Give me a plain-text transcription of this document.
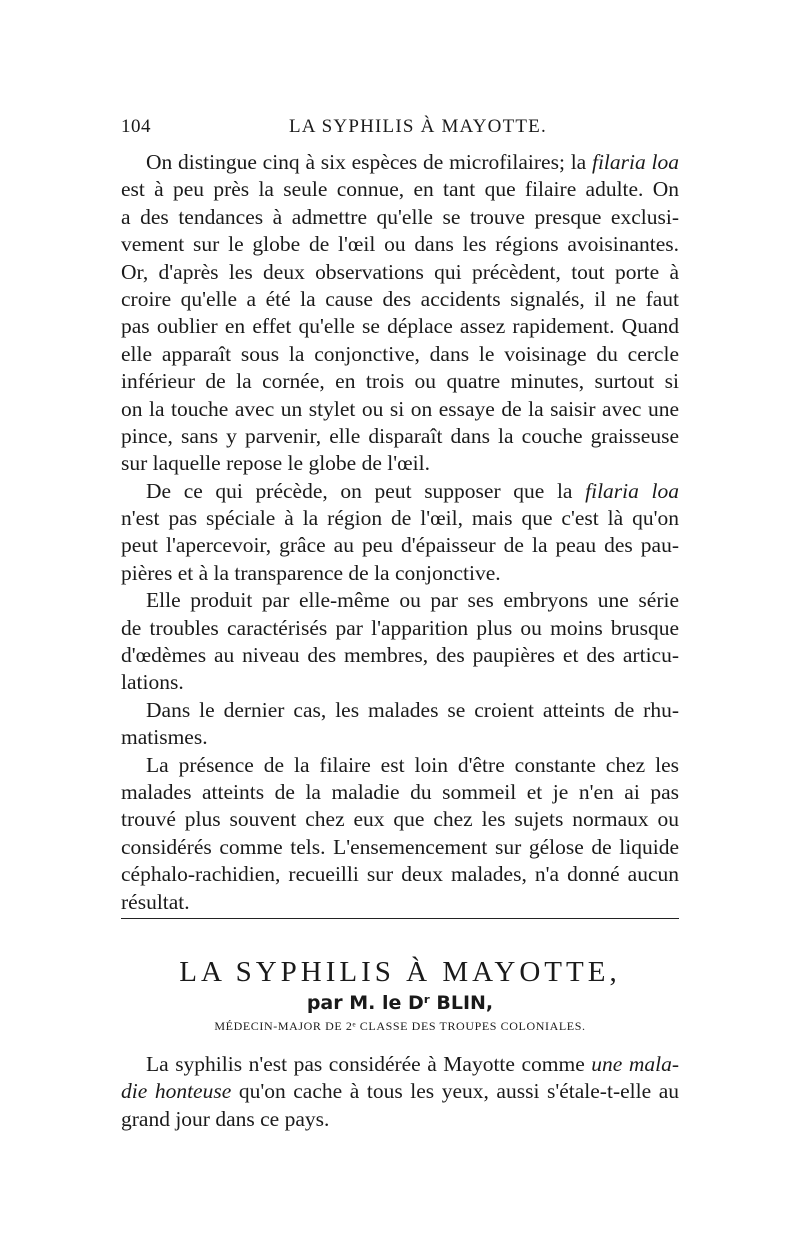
104	LA SYPHILIS À MAYOTTE.
On distingue cinq à six espèces de microfilaires; la filaria loa
est à peu près la seule connue, en tant que filaire adulte. On
a des tendances à admettre qu'elle se trouve presque exclusi-
vement sur le globe de l'œil ou dans les régions avoisinantes.
Or, d'après les deux observations qui précèdent, tout porte à
croire qu'elle a été la cause des accidents signalés, il ne faut
pas oublier en effet qu'elle se déplace assez rapidement. Quand
elle apparaît sous la conjonctive, dans le voisinage du cercle
inférieur de la cornée, en trois ou quatre minutes, surtout si
on la touche avec un stylet ou si on essaye de la saisir avec une
pince, sans y parvenir, elle disparaît dans la couche graisseuse
sur laquelle repose le globe de l'œil.
De ce qui précède, on peut supposer que la filaria loa
n'est pas spéciale à la région de l'œil, mais que c'est là qu'on
peut l'apercevoir, grâce au peu d'épaisseur de la peau des pau-
pières et à la transparence de la conjonctive.
Elle produit par elle-même ou par ses embryons une série
de troubles caractérisés par l'apparition plus ou moins brusque
d'œdèmes au niveau des membres, des paupières et des articu-
lations.
Dans le dernier cas, les malades se croient atteints de rhu-
matismes.
La présence de la filaire est loin d'être constante chez les
malades atteints de la maladie du sommeil et je n'en ai pas
trouvé plus souvent chez eux que chez les sujets normaux ou
considérés comme tels. L'ensemencement sur gélose de liquide
céphalo-rachidien, recueilli sur deux malades, n'a donné aucun
résultat.
LA SYPHILIS À MAYOTTE,
par M. le Dʳ BLIN,
MÉDECIN-MAJOR DE 2ᵉ CLASSE DES TROUPES COLONIALES.
La syphilis n'est pas considérée à Mayotte comme une mala-
die honteuse qu'on cache à tous les yeux, aussi s'étale-t-elle au
grand jour dans ce pays.
